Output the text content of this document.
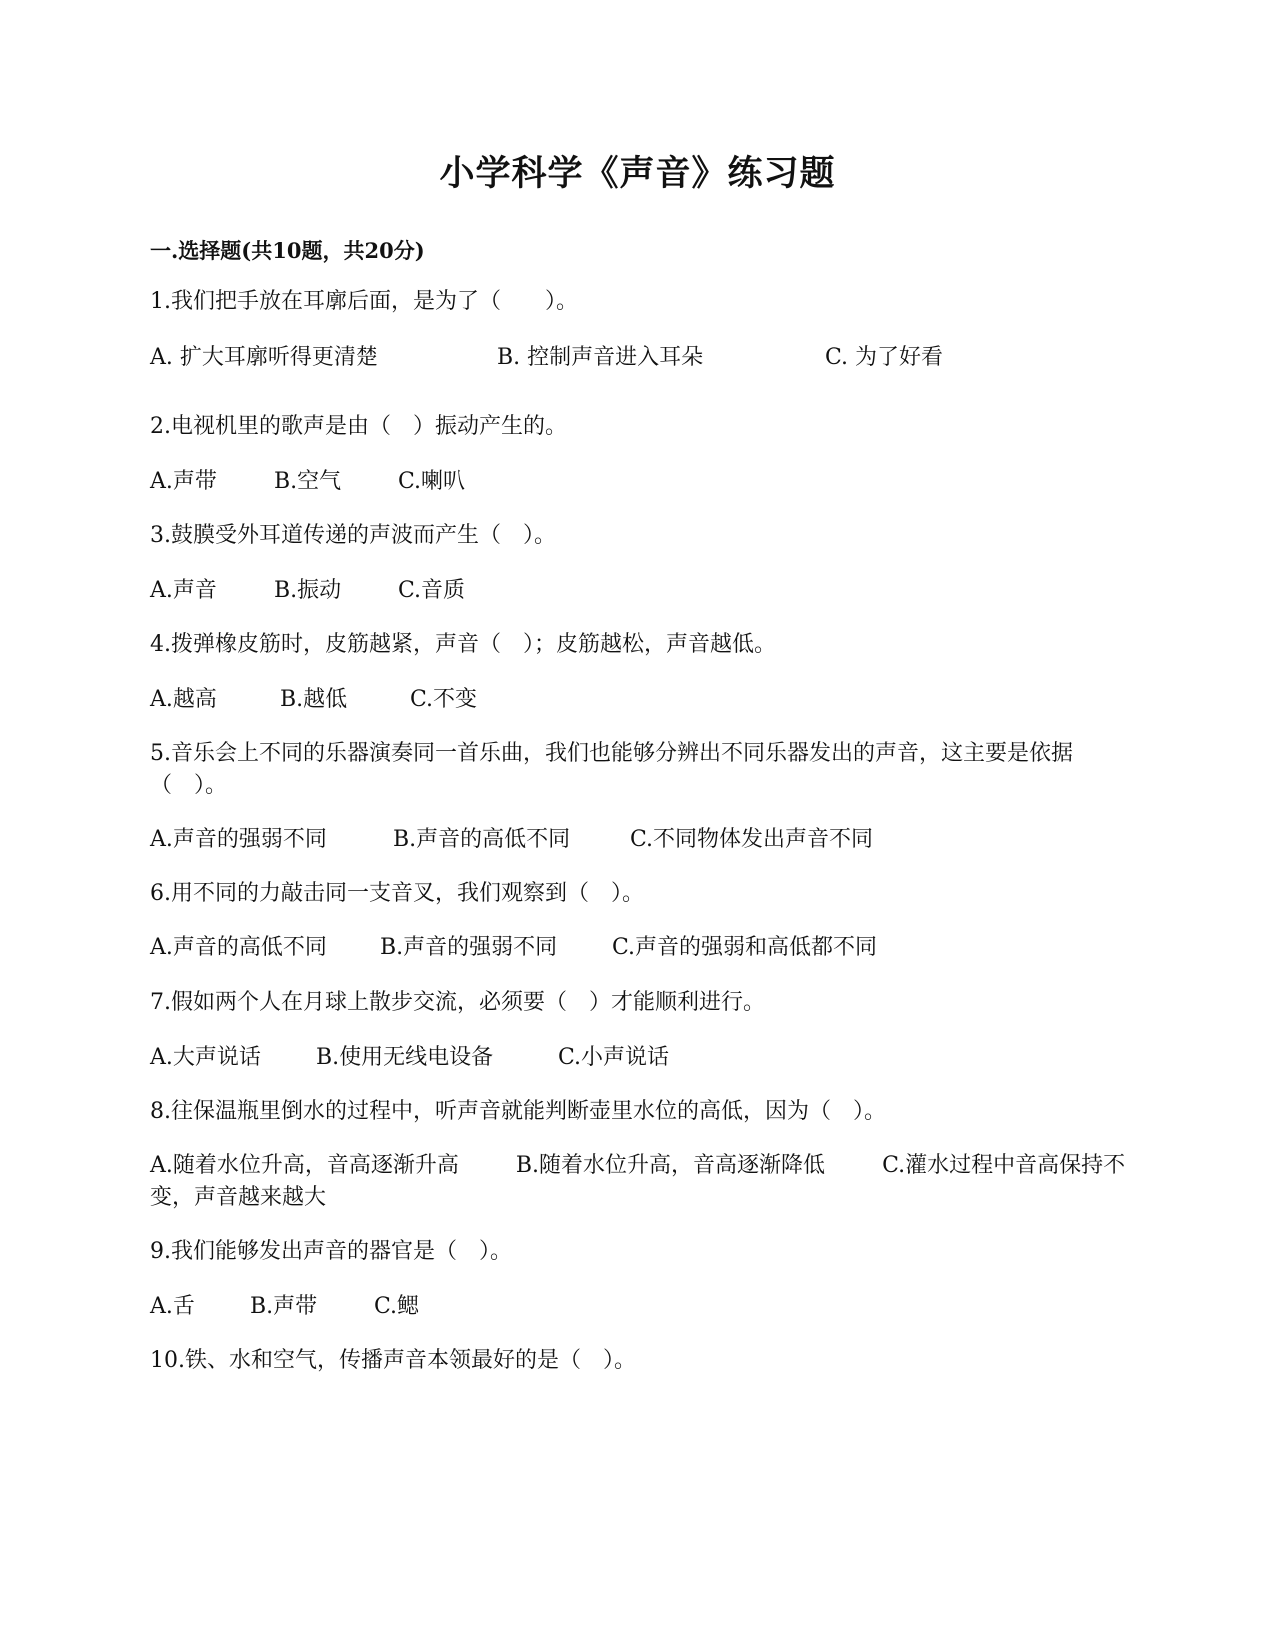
小学科学《声音》练习题
一.选择题(共10题，共20分)
1.我们把手放在耳廓后面，是为了（　　）。
A. 扩大耳廓听得更清楚	B. 控制声音进入耳朵	C. 为了好看
2.电视机里的歌声是由（　）振动产生的。
A.声带	B.空气	C.喇叭
3.鼓膜受外耳道传递的声波而产生（　）。
A.声音	B.振动	C.音质
4.拨弹橡皮筋时，皮筋越紧，声音（　）；皮筋越松，声音越低。
A.越高	B.越低	C.不变
5.音乐会上不同的乐器演奏同一首乐曲，我们也能够分辨出不同乐器发出的声音，这主要是依据（　）。
A.声音的强弱不同	B.声音的高低不同	C.不同物体发出声音不同
6.用不同的力敲击同一支音叉，我们观察到（　）。
A.声音的高低不同 B.声音的强弱不同 C.声音的强弱和高低都不同
7.假如两个人在月球上散步交流，必须要（　）才能顺利进行。
A.大声说话	B.使用无线电设备	C.小声说话
8.往保温瓶里倒水的过程中，听声音就能判断壶里水位的高低，因为（　）。
A.随着水位升高，音高逐渐升高	B.随着水位升高，音高逐渐降低	C.灌水过程中音高保持不变，声音越来越大
9.我们能够发出声音的器官是（　）。
A.舌	B.声带	C.鳃
10.铁、水和空气，传播声音本领最好的是（　）。
